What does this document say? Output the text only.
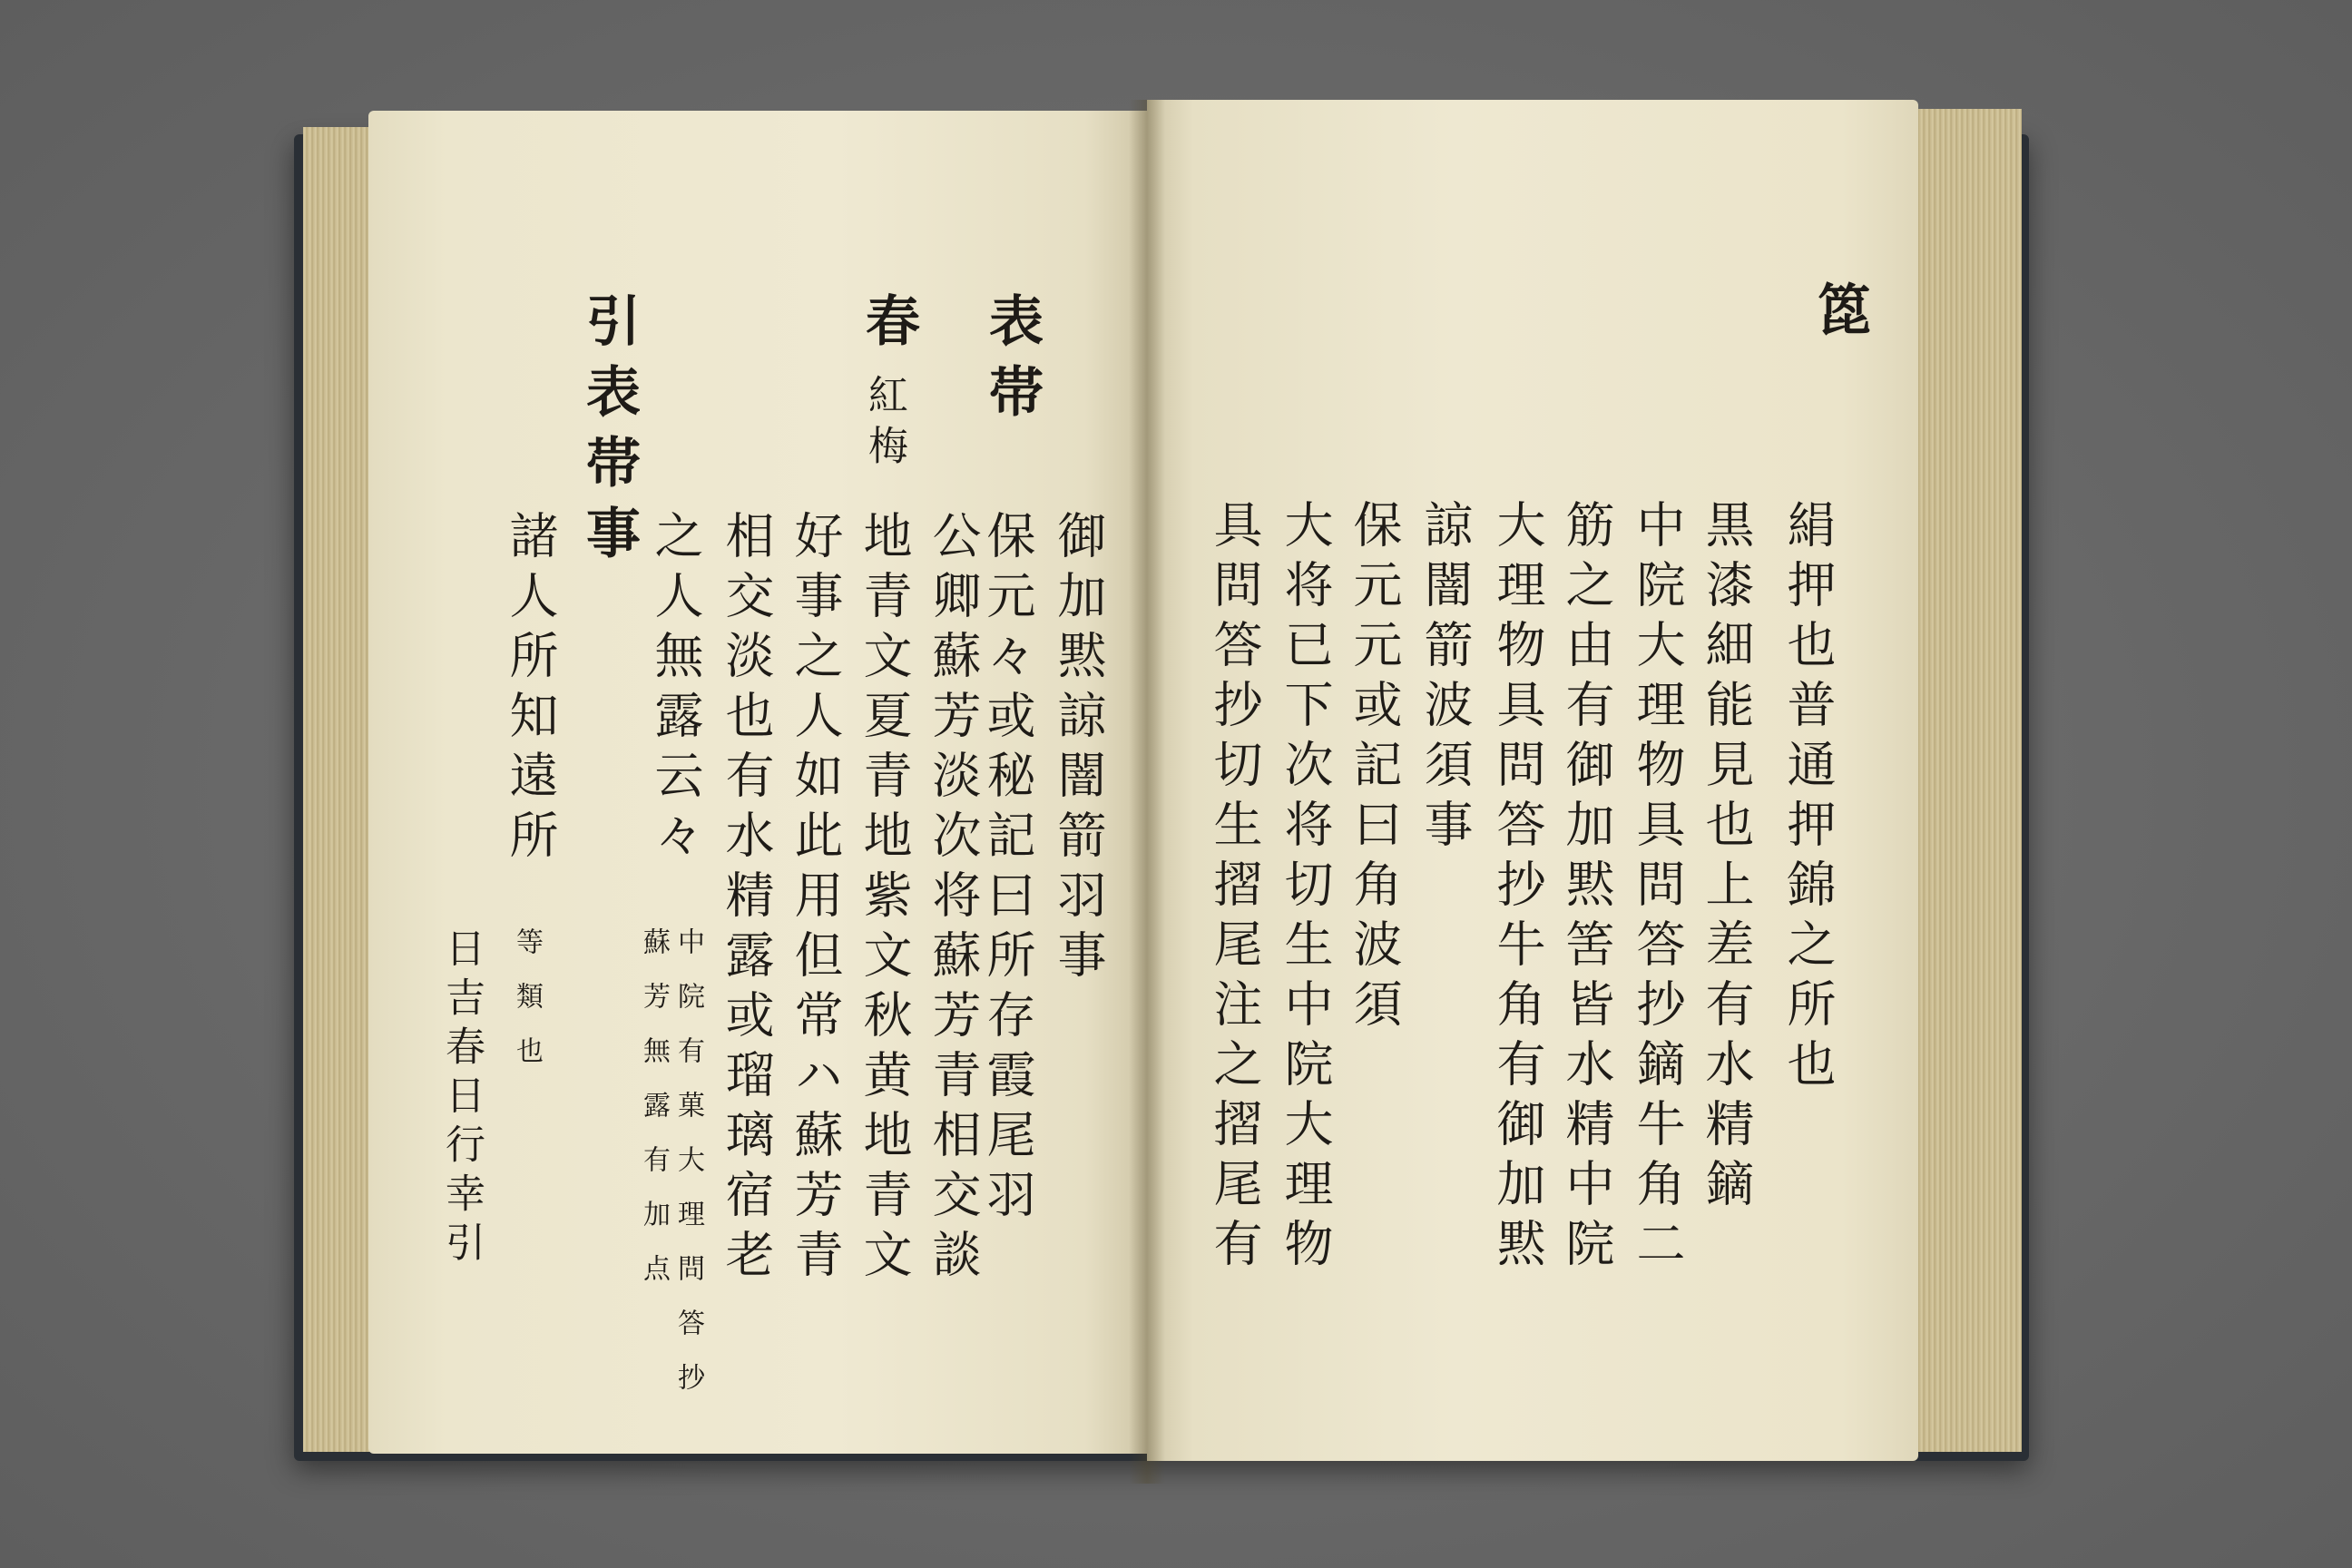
表帯
御加黙諒闇箭羽事
保元々或秘記曰所存霞尾羽
春
紅梅
公卿蘇芳淡次将蘇芳青相交談
地青文夏青地紫文秋黄地青文
好事之人如此用但常ハ蘇芳青
相交淡也有水精露或瑠璃宿老
之人無露云々
中院有菓大理問答抄
蘇芳無露有加点
引表帯事
諸人所知遠所
等類也
日吉春日行幸引
箆
絹押也普通押錦之所也
黒漆細能見也上差有水精鏑
中院大理物具問答抄鏑牛角二
筋之由有御加黙筈皆水精中院
大理物具問答抄牛角有御加黙
諒闇箭波須事
保元元或記曰角波須
大将已下次将切生中院大理物
具問答抄切生摺尾注之摺尾有
